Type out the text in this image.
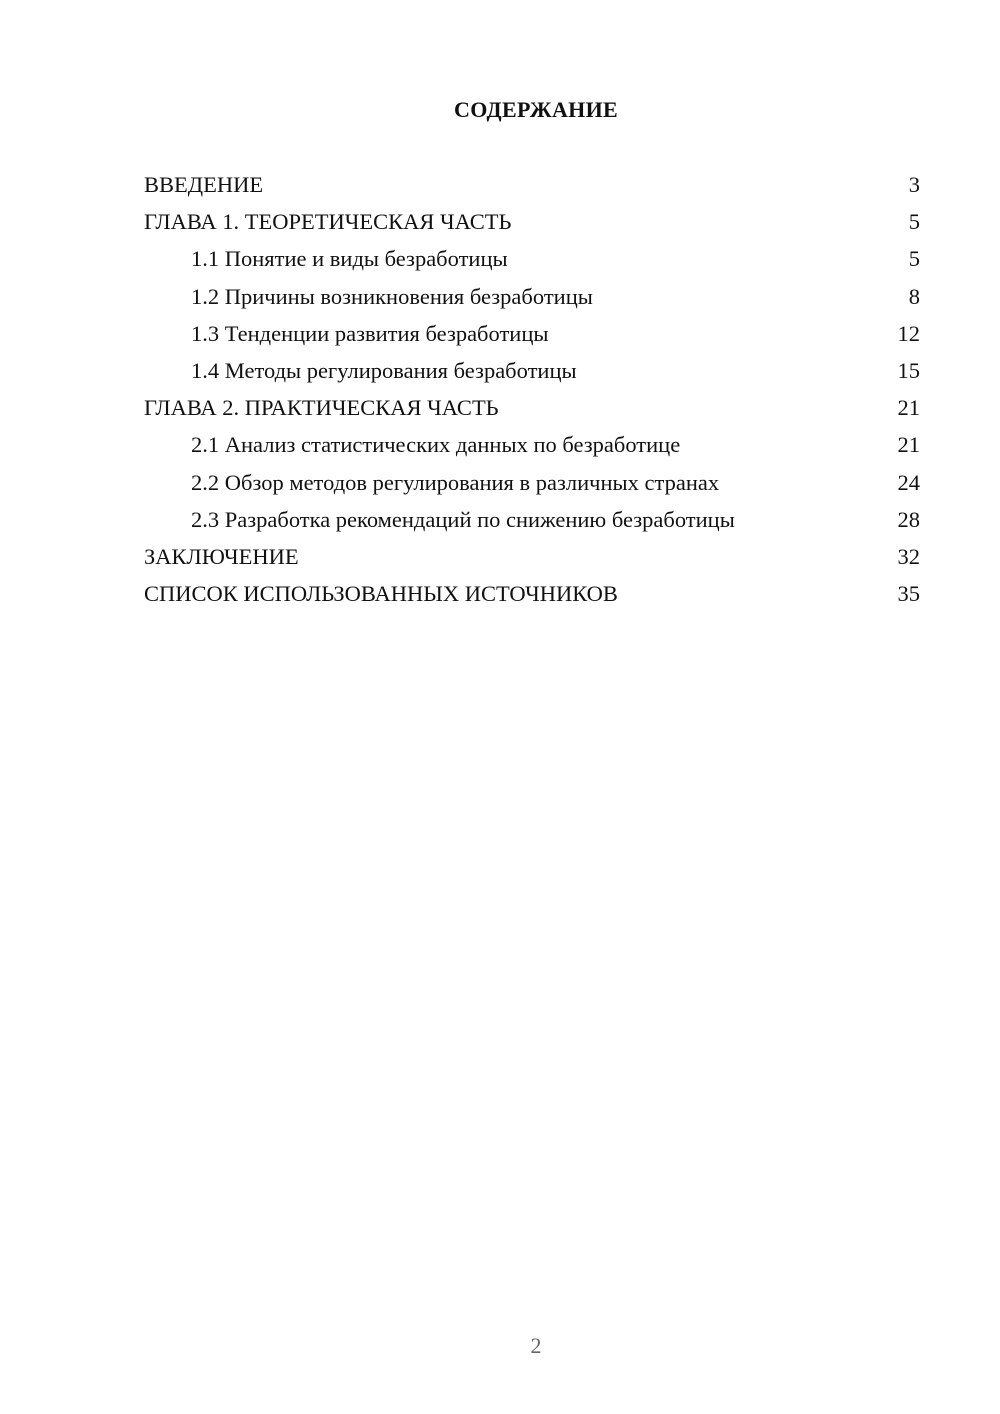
СОДЕРЖАНИЕ
ВВЕДЕНИЕ	3
ГЛАВА 1. ТЕОРЕТИЧЕСКАЯ ЧАСТЬ	5
1.1 Понятие и виды безработицы	5
1.2 Причины возникновения безработицы	8
1.3 Тенденции развития безработицы	12
1.4 Методы регулирования безработицы	15
ГЛАВА 2. ПРАКТИЧЕСКАЯ ЧАСТЬ	21
2.1 Анализ статистических данных по безработице	21
2.2 Обзор методов регулирования в различных странах	24
2.3 Разработка рекомендаций по снижению безработицы	28
ЗАКЛЮЧЕНИЕ	32
СПИСОК ИСПОЛЬЗОВАННЫХ ИСТОЧНИКОВ	35
2
